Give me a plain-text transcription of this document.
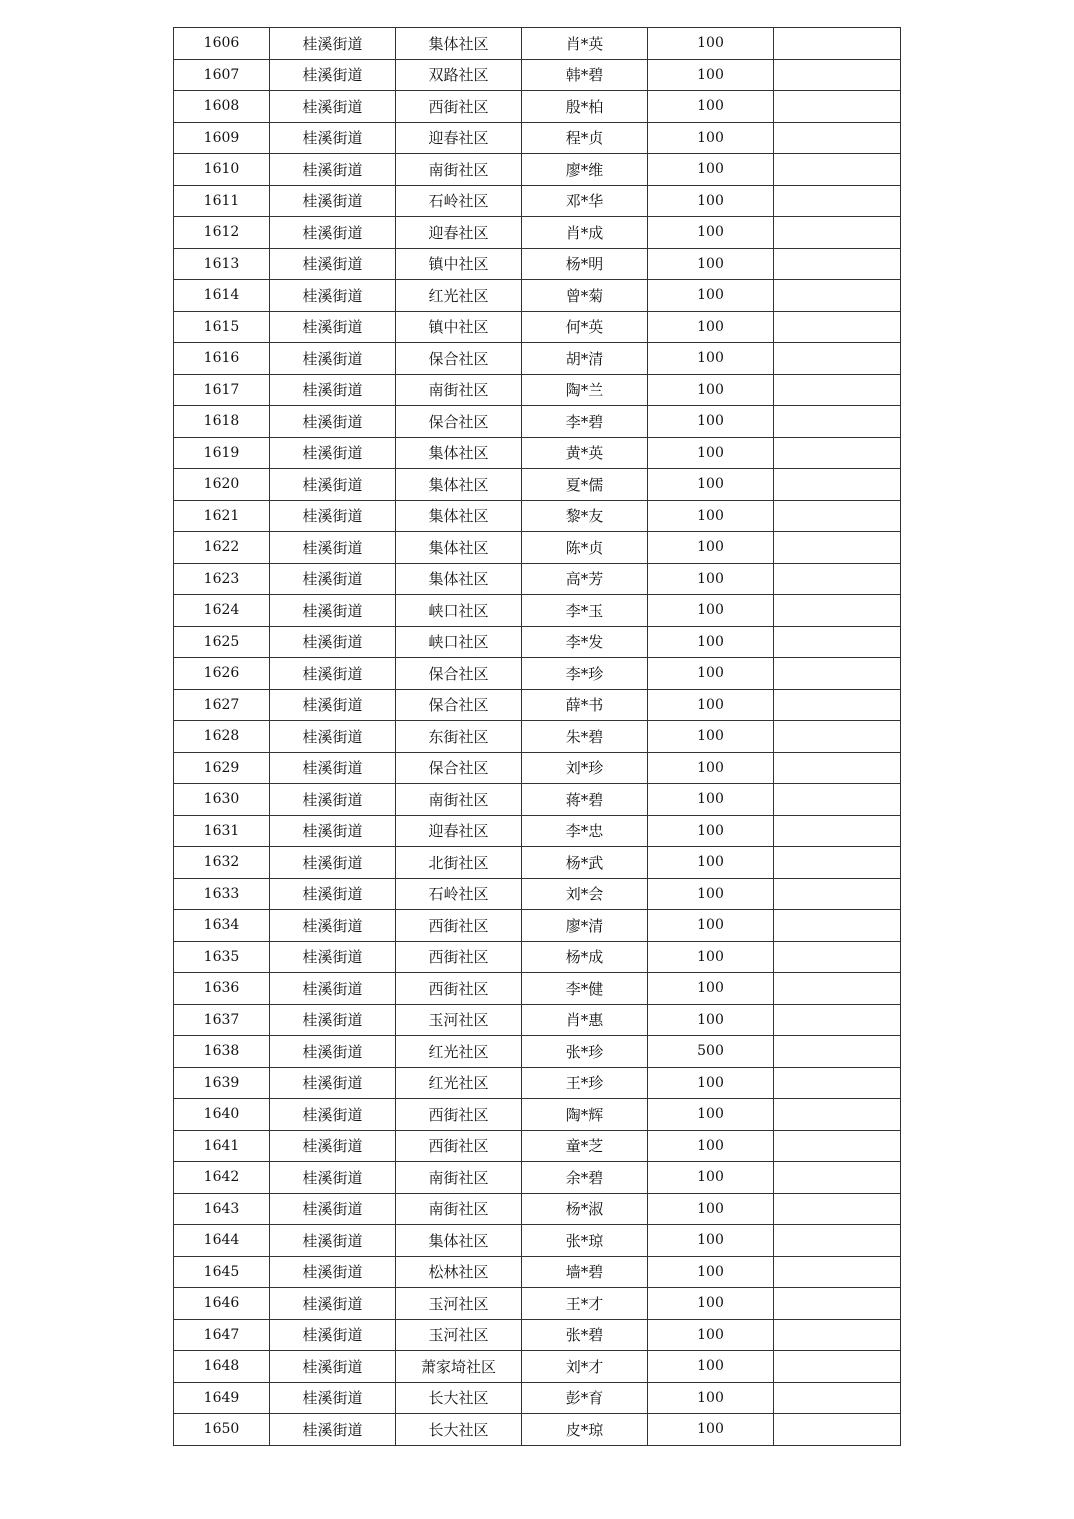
1606	桂溪街道	集体社区	肖*英	100	
1607	桂溪街道	双路社区	韩*碧	100	
1608	桂溪街道	西街社区	殷*柏	100	
1609	桂溪街道	迎春社区	程*贞	100	
1610	桂溪街道	南街社区	廖*维	100	
1611	桂溪街道	石岭社区	邓*华	100	
1612	桂溪街道	迎春社区	肖*成	100	
1613	桂溪街道	镇中社区	杨*明	100	
1614	桂溪街道	红光社区	曾*菊	100	
1615	桂溪街道	镇中社区	何*英	100	
1616	桂溪街道	保合社区	胡*清	100	
1617	桂溪街道	南街社区	陶*兰	100	
1618	桂溪街道	保合社区	李*碧	100	
1619	桂溪街道	集体社区	黄*英	100	
1620	桂溪街道	集体社区	夏*儒	100	
1621	桂溪街道	集体社区	黎*友	100	
1622	桂溪街道	集体社区	陈*贞	100	
1623	桂溪街道	集体社区	高*芳	100	
1624	桂溪街道	峡口社区	李*玉	100	
1625	桂溪街道	峡口社区	李*发	100	
1626	桂溪街道	保合社区	李*珍	100	
1627	桂溪街道	保合社区	薛*书	100	
1628	桂溪街道	东街社区	朱*碧	100	
1629	桂溪街道	保合社区	刘*珍	100	
1630	桂溪街道	南街社区	蒋*碧	100	
1631	桂溪街道	迎春社区	李*忠	100	
1632	桂溪街道	北街社区	杨*武	100	
1633	桂溪街道	石岭社区	刘*会	100	
1634	桂溪街道	西街社区	廖*清	100	
1635	桂溪街道	西街社区	杨*成	100	
1636	桂溪街道	西街社区	李*健	100	
1637	桂溪街道	玉河社区	肖*惠	100	
1638	桂溪街道	红光社区	张*珍	500	
1639	桂溪街道	红光社区	王*珍	100	
1640	桂溪街道	西街社区	陶*辉	100	
1641	桂溪街道	西街社区	童*芝	100	
1642	桂溪街道	南街社区	余*碧	100	
1643	桂溪街道	南街社区	杨*淑	100	
1644	桂溪街道	集体社区	张*琼	100	
1645	桂溪街道	松林社区	墙*碧	100	
1646	桂溪街道	玉河社区	王*才	100	
1647	桂溪街道	玉河社区	张*碧	100	
1648	桂溪街道	萧家埼社区	刘*才	100	
1649	桂溪街道	长大社区	彭*育	100	
1650	桂溪街道	长大社区	皮*琼	100	
